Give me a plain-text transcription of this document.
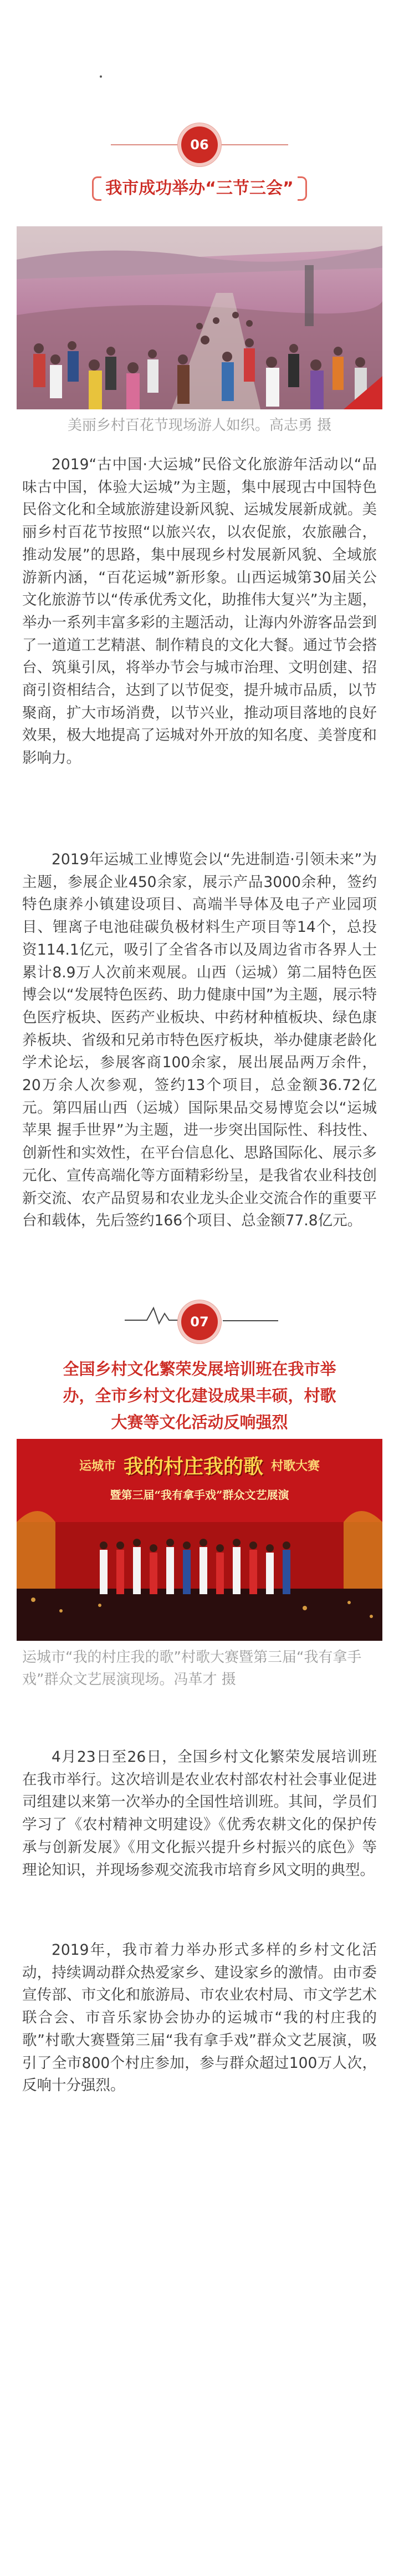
06
我市成功举办“三节三会”
美丽乡村百花节现场游人如织。高志勇 摄
2019“古中国·大运城”民俗文化旅游年活动以“品味古中国，体验大运城”为主题，集中展现古中国特色民俗文化和全域旅游建设新风貌、运城发展新成就。美丽乡村百花节按照“以旅兴农，以农促旅，农旅融合，推动发展”的思路，集中展现乡村发展新风貌、全域旅游新内涵，“百花运城”新形象。山西运城第30届关公文化旅游节以“传承优秀文化，助推伟大复兴”为主题，举办一系列丰富多彩的主题活动，让海内外游客品尝到了一道道工艺精湛、制作精良的文化大餐。通过节会搭台、筑巢引凤，将举办节会与城市治理、文明创建、招商引资相结合，达到了以节促变，提升城市品质，以节聚商，扩大市场消费，以节兴业，推动项目落地的良好效果，极大地提高了运城对外开放的知名度、美誉度和影响力。
2019年运城工业博览会以“先进制造·引领未来”为主题，参展企业450余家，展示产品3000余种，签约特色康养小镇建设项目、高端半导体及电子产业园项目、锂离子电池硅碳负极材料生产项目等14个，总投资114.1亿元，吸引了全省各市以及周边省市各界人士累计8.9万人次前来观展。山西（运城）第二届特色医博会以“发展特色医药、助力健康中国”为主题，展示特色医疗板块、医药产业板块、中药材种植板块、绿色康养板块、省级和兄弟市特色医疗板块，举办健康老龄化学术论坛，参展客商100余家，展出展品两万余件，20万余人次参观，签约13个项目，总金额36.72亿元。第四届山西（运城）国际果品交易博览会以“运城苹果 握手世界”为主题，进一步突出国际性、科技性、创新性和实效性，在平台信息化、思路国际化、展示多元化、宣传高端化等方面精彩纷呈，是我省农业科技创新交流、农产品贸易和农业龙头企业交流合作的重要平台和载体，先后签约166个项目、总金额77.8亿元。
07
全国乡村文化繁荣发展培训班在我市举
办，全市乡村文化建设成果丰硕，村歌
大赛等文化活动反响强烈
运城市 我的村庄我的歌 村歌大赛
暨第三届“我有拿手戏”群众文艺展演
运城市“我的村庄我的歌”村歌大赛暨第三届“我有拿手戏”群众文艺展演现场。冯革才 摄
4月23日至26日，全国乡村文化繁荣发展培训班在我市举行。这次培训是农业农村部农村社会事业促进司组建以来第一次举办的全国性培训班。其间，学员们学习了《农村精神文明建设》《优秀农耕文化的保护传承与创新发展》《用文化振兴提升乡村振兴的底色》等理论知识，并现场参观交流我市培育乡风文明的典型。
2019年，我市着力举办形式多样的乡村文化活动，持续调动群众热爱家乡、建设家乡的激情。由市委宣传部、市文化和旅游局、市农业农村局、市文学艺术联合会、市音乐家协会协办的运城市“我的村庄我的歌”村歌大赛暨第三届“我有拿手戏”群众文艺展演，吸引了全市800个村庄参加，参与群众超过100万人次，反响十分强烈。
